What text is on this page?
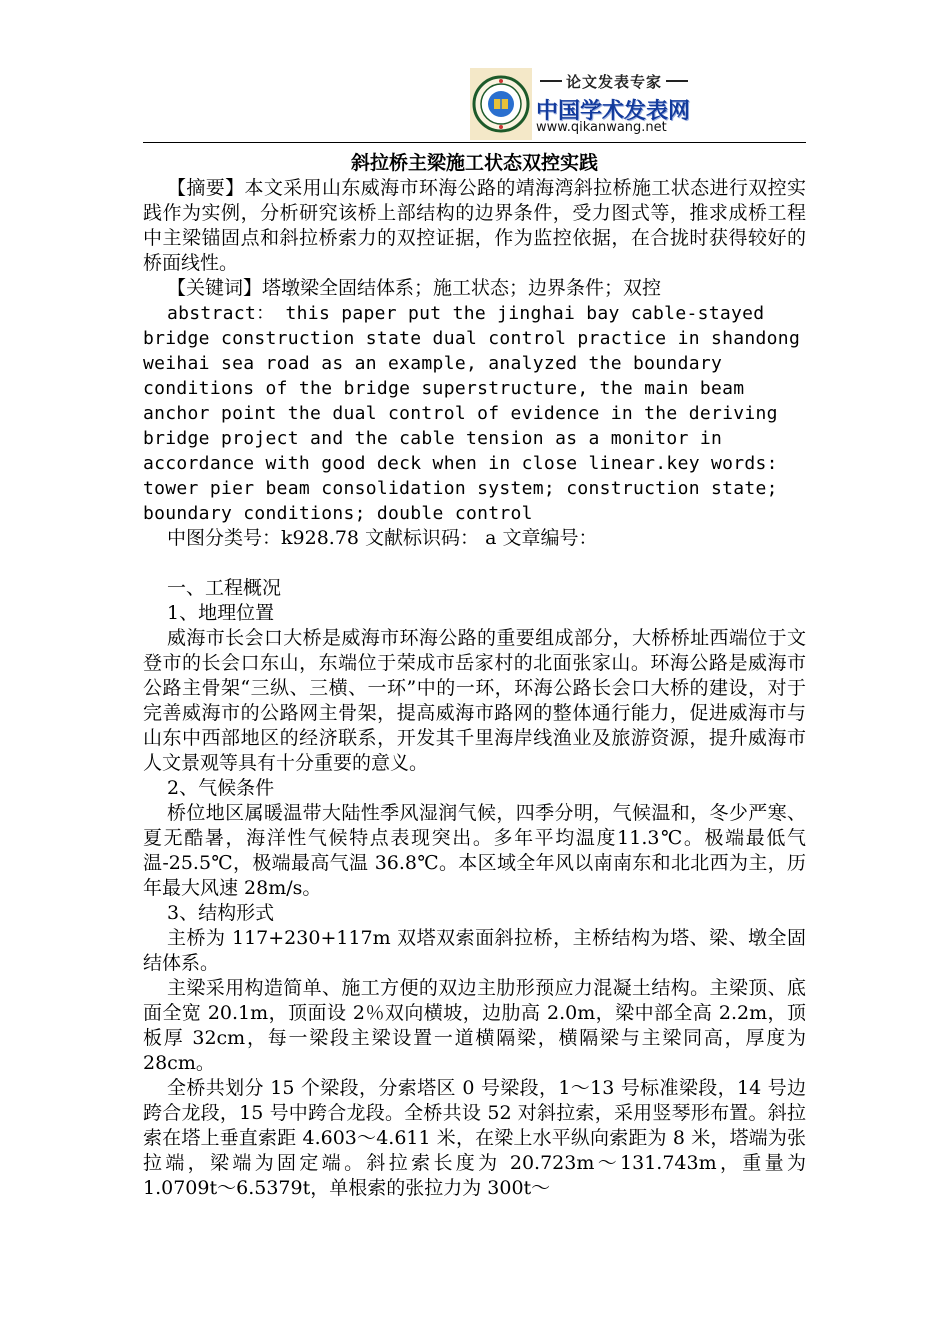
论文发表专家
中国学术发表网
www.qikanwang.net
斜拉桥主梁施工状态双控实践

【摘要】本文采用山东威海市环海公路的靖海湾斜拉桥施工状态进行双控实践作为实例，分析研究该桥上部结构的边界条件，受力图式等，推求成桥工程中主梁锚固点和斜拉桥索力的双控证据，作为监控依据，在合拢时获得较好的桥面线性。

【关键词】塔墩梁全固结体系；施工状态；边界条件；双控

abstract： this paper put the jinghai bay cable-stayed bridge construction state dual control practice in shandong weihai sea road as an example, analyzed the boundary conditions of the bridge superstructure, the main beam anchor point the dual control of evidence in the deriving bridge project and the cable tension as a monitor in accordance with good deck when in close linear.key words: tower pier beam consolidation system; construction state; boundary conditions; double control

中图分类号：k928.78 文献标识码： a 文章编号：

一、工程概况

1、地理位置

威海市长会口大桥是威海市环海公路的重要组成部分，大桥桥址西端位于文登市的长会口东山，东端位于荣成市岳家村的北面张家山。环海公路是威海市公路主骨架“三纵、三横、一环”中的一环，环海公路长会口大桥的建设，对于完善威海市的公路网主骨架，提高威海市路网的整体通行能力，促进威海市与山东中西部地区的经济联系，开发其千里海岸线渔业及旅游资源，提升威海市人文景观等具有十分重要的意义。

2、气候条件

桥位地区属暖温带大陆性季风湿润气候，四季分明，气候温和，冬少严寒、夏无酷暑，海洋性气候特点表现突出。多年平均温度11.3℃。极端最低气温-25.5℃，极端最高气温 36.8℃。本区域全年风以南南东和北北西为主，历年最大风速 28m/s。

3、结构形式

主桥为 117+230+117m 双塔双索面斜拉桥，主桥结构为塔、梁、墩全固结体系。

主梁采用构造简单、施工方便的双边主肋形预应力混凝土结构。主梁顶、底面全宽 20.1m，顶面设 2％双向横坡，边肋高 2.0m，梁中部全高 2.2m，顶板厚 32cm，每一梁段主梁设置一道横隔梁，横隔梁与主梁同高，厚度为 28cm。

全桥共划分 15 个梁段，分索塔区 0 号梁段，1～13 号标准梁段，14 号边跨合龙段，15 号中跨合龙段。全桥共设 52 对斜拉索，采用竖琴形布置。斜拉索在塔上垂直索距 4.603～4.611 米，在梁上水平纵向索距为 8 米，塔端为张拉端，梁端为固定端。斜拉索长度为 20.723m～131.743m，重量为 1.0709t～6.5379t，单根索的张拉力为 300t～
